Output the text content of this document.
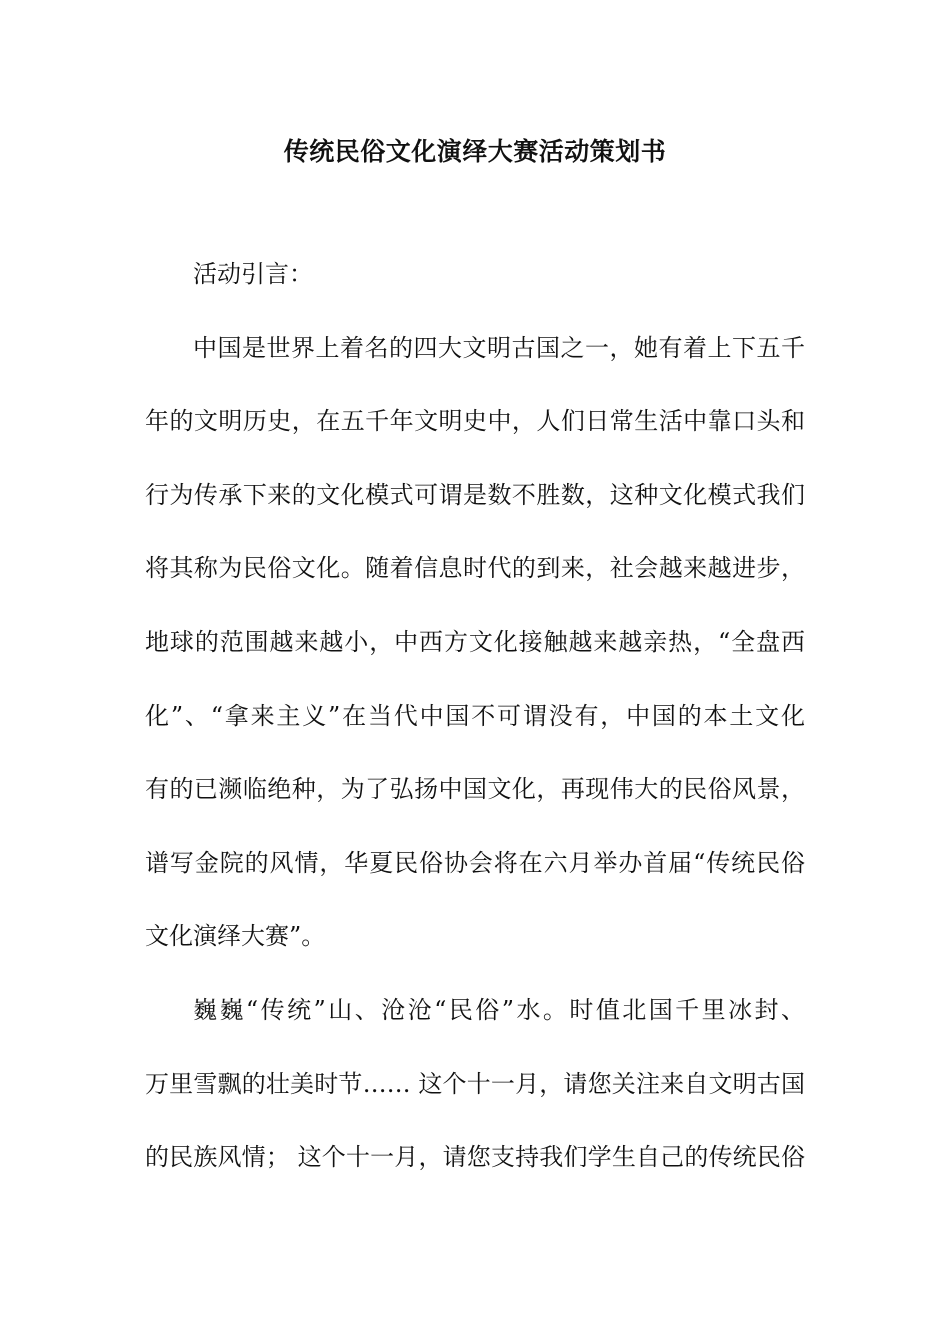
传统民俗文化演绎大赛活动策划书
活动引言：
中国是世界上着名的四大文明古国之一，她有着上下五千
年的文明历史，在五千年文明史中，人们日常生活中靠口头和
行为传承下来的文化模式可谓是数不胜数，这种文化模式我们
将其称为民俗文化。随着信息时代的到来，社会越来越进步，
地球的范围越来越小，中西方文化接触越来越亲热，“全盘西
化”、“拿来主义”在当代中国不可谓没有，中国的本土文化
有的已濒临绝种，为了弘扬中国文化，再现伟大的民俗风景，
谱写金院的风情，华夏民俗协会将在六月举办首届“传统民俗
文化演绎大赛”。
巍巍“传统”山、沧沧“民俗”水。时值北国千里冰封、
万里雪飘的壮美时节…… 这个十一月，请您关注来自文明古国
的民族风情； 这个十一月，请您支持我们学生自己的传统民俗
